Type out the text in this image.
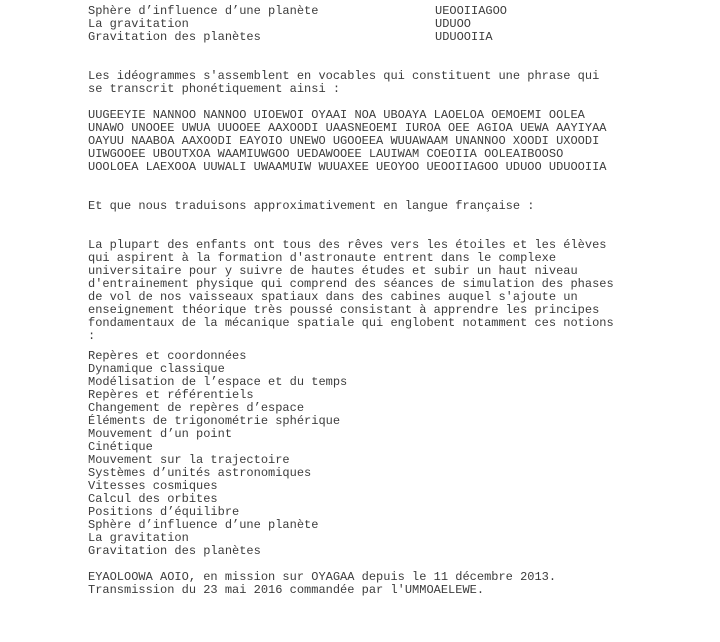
Sphère d’influence d’une planète	UEOOIIAGOO
La gravitation	UDUOO
Gravitation des planètes	UDUOOIIA
Les idéogrammes s'assemblent en vocables qui constituent une phrase qui
se transcrit phonétiquement ainsi :
UUGEEYIE NANNOO NANNOO UIOEWOI OYAAI NOA UBOAYA LAOELOA OEMOEMI OOLEA
UNAWO UNOOEE UWUA UUOOEE AAXOODI UAASNEOEMI IUROA OEE AGIOA UEWA AAYIYAA
OAYUU NAABOA AAXOODI EAYOIO UNEWO UGOOEEA WUUAWAAM UNANNOO XOODI UXOODI
UIWGOOEE UBOUTXOA WAAMIUWGOO UEDAWOOEE LAUIWAM COEOIIA OOLEAIBOOSO
UOOLOEA LAEXOOA UUWALI UWAAMUIW WUUAXEE UEOYOO UEOOIIAGOO UDUOO UDUOOIIA
Et que nous traduisons approximativement en langue française :
La plupart des enfants ont tous des rêves vers les étoiles et les élèves
qui aspirent à la formation d'astronaute entrent dans le complexe
universitaire pour y suivre de hautes études et subir un haut niveau
d'entrainement physique qui comprend des séances de simulation des phases
de vol de nos vaisseaux spatiaux dans des cabines auquel s'ajoute un
enseignement théorique très poussé consistant à apprendre les principes
fondamentaux de la mécanique spatiale qui englobent notamment ces notions
:
Repères et coordonnées
Dynamique classique
Modélisation de l’espace et du temps
Repères et référentiels
Changement de repères d’espace
Éléments de trigonométrie sphérique
Mouvement d’un point
Cinétique
Mouvement sur la trajectoire
Systèmes d’unités astronomiques
Vitesses cosmiques
Calcul des orbites
Positions d’équilibre
Sphère d’influence d’une planète
La gravitation
Gravitation des planètes
EYAOLOOWA AOIO, en mission sur OYAGAA depuis le 11 décembre 2013.
Transmission du 23 mai 2016 commandée par l'UMMOAELEWE.
